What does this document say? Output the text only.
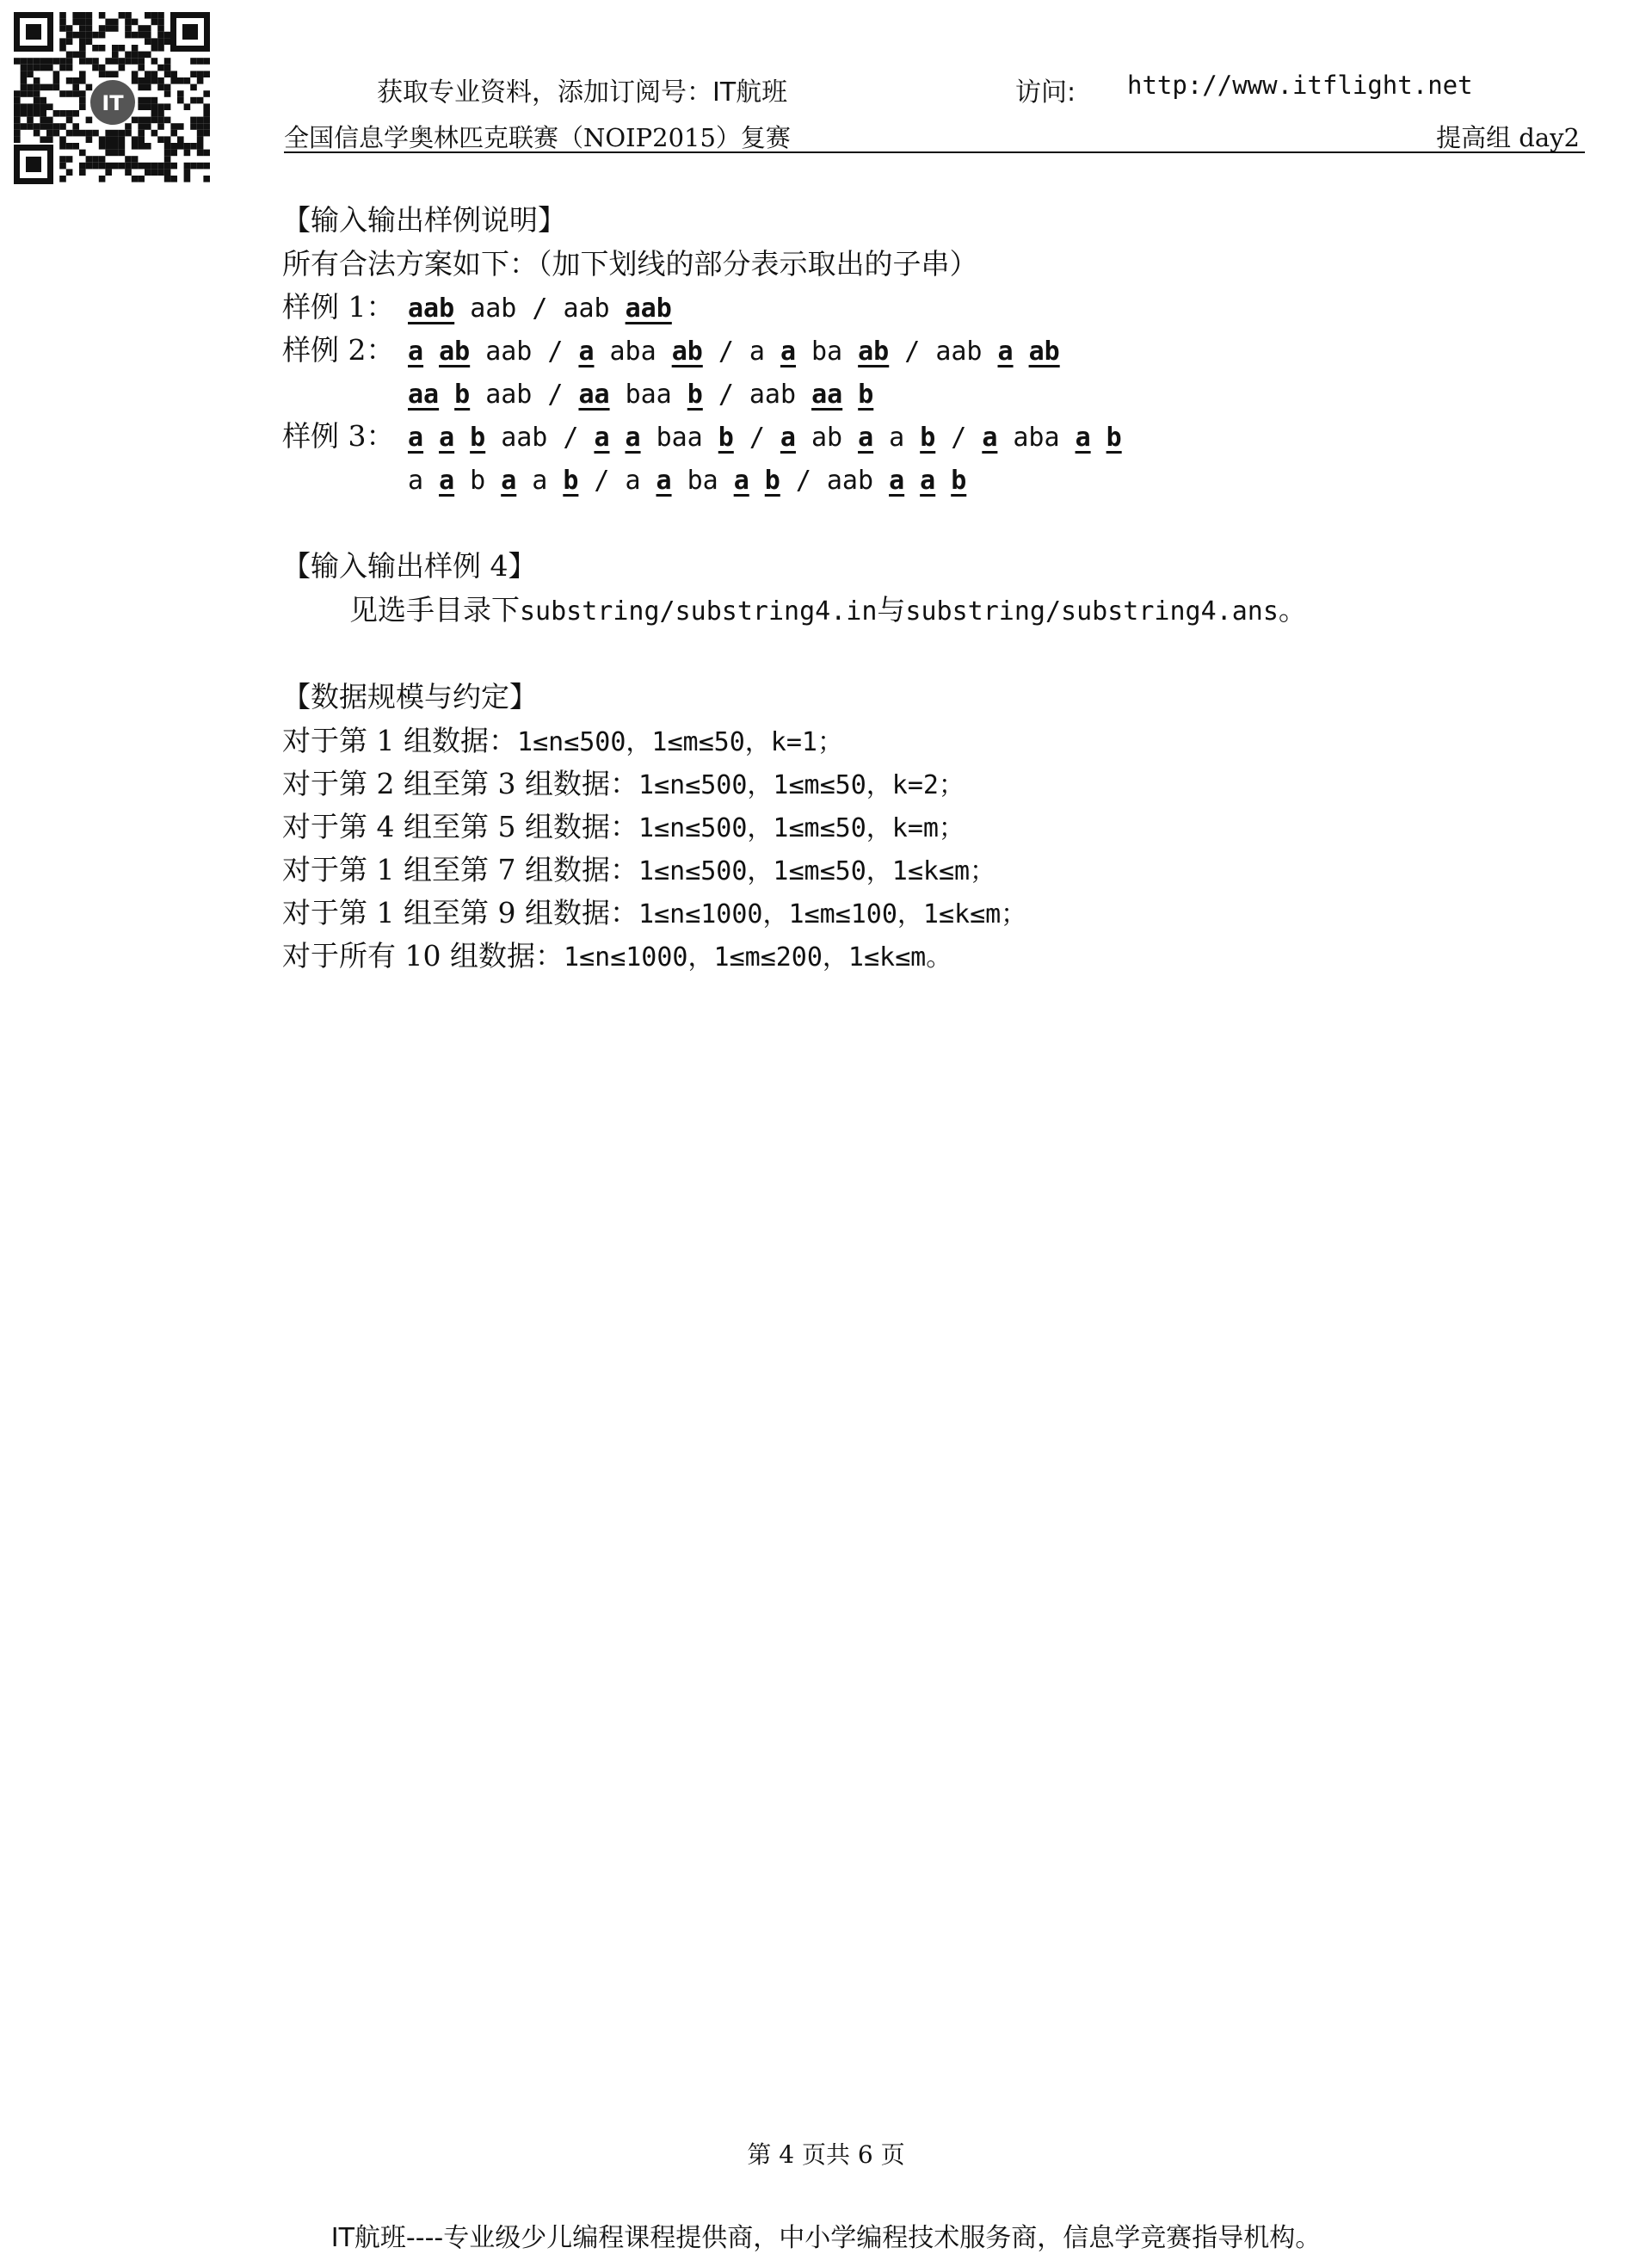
IT	获取专业资料，添加订阅号：IT航班	访问: http://www.itflight.net
全国信息学奥林匹克联赛（NOIP2015）复赛	提高组 day2
【输入输出样例说明】
所有合法方案如下：（加下划线的部分表示取出的子串）
样例 1： aab aab / aab aab
样例 2： a ab aab / a aba ab / a a ba ab / aab a ab
aa b aab / aa baa b / aab aa b
样例 3： a a b aab / a a baa b / a ab a a b / a aba a b
a a b a a b / a a ba a b / aab a a b
【输入输出样例 4】
见选手目录下substring/substring4.in与substring/substring4.ans。
【数据规模与约定】
对于第 1 组数据：1≤n≤500，1≤m≤50，k=1；
对于第 2 组至第 3 组数据：1≤n≤500，1≤m≤50，k=2；
对于第 4 组至第 5 组数据：1≤n≤500，1≤m≤50，k=m；
对于第 1 组至第 7 组数据：1≤n≤500，1≤m≤50，1≤k≤m；
对于第 1 组至第 9 组数据：1≤n≤1000，1≤m≤100，1≤k≤m；
对于所有 10 组数据：1≤n≤1000，1≤m≤200，1≤k≤m。
第 4 页共 6 页
IT航班----专业级少儿编程课程提供商，中小学编程技术服务商，信息学竞赛指导机构。
